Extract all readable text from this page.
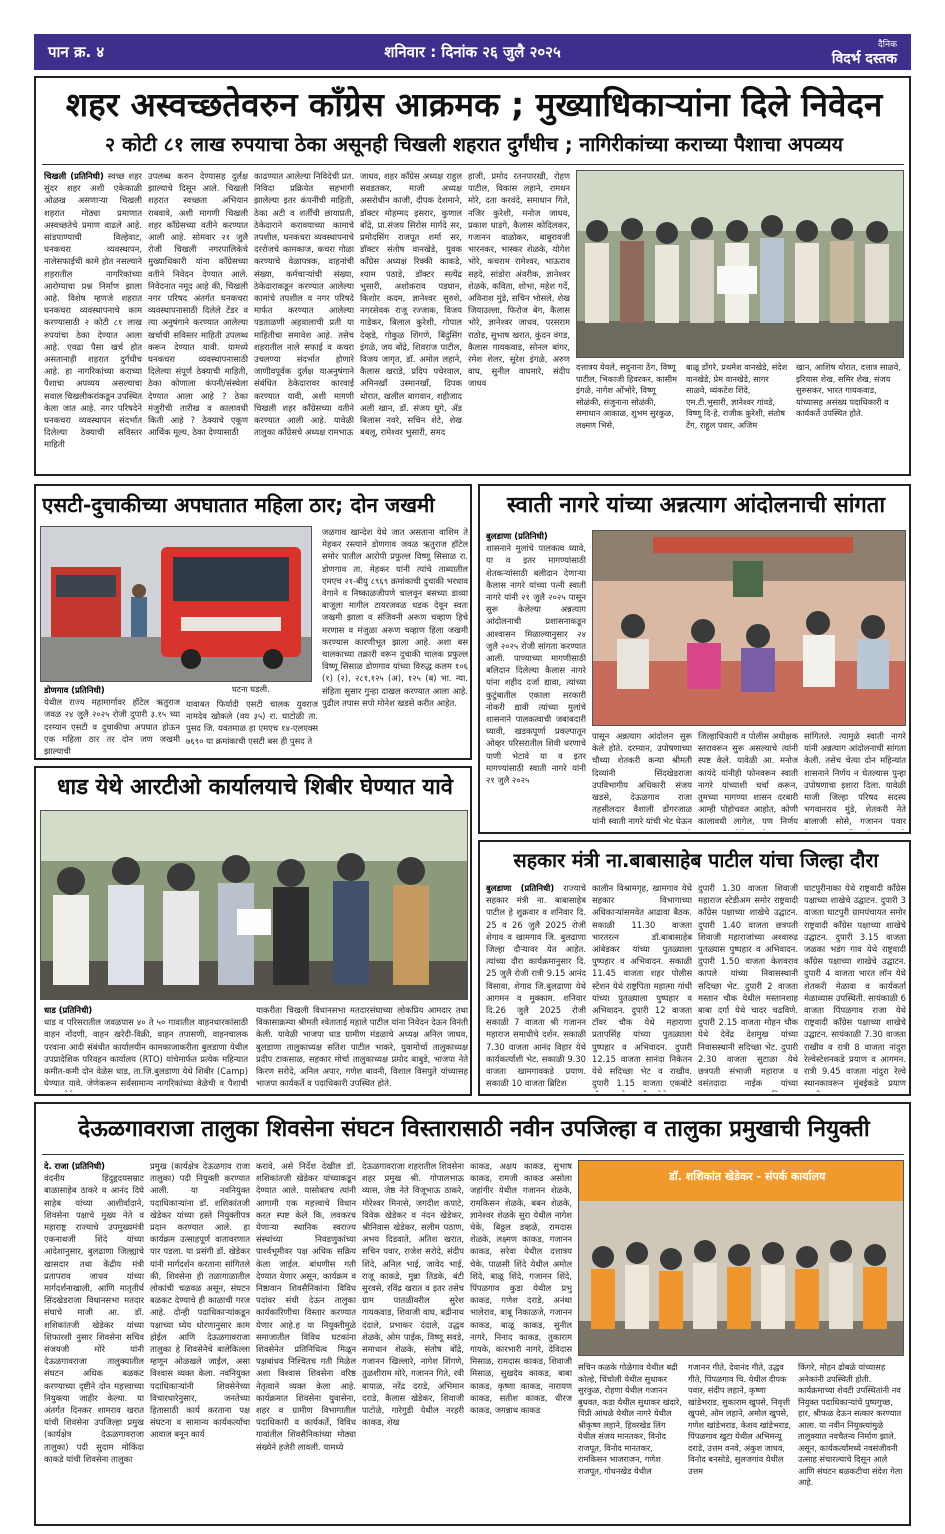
पान क्र. ४	शनिवार : दिनांक २६ जुलै २०२५	दैनिक
विदर्भ दस्तक
शहर अस्वच्छतेवरुन काँग्रेस आक्रमक ; मुख्याधिकाऱ्यांना दिले निवेदन
२ कोटी ८१ लाख रुपयाचा ठेका असूनही चिखली शहरात दुर्गंधीच ; नागिरीकांच्या कराच्या पैशाचा अपव्यय
चिखली (प्रतिनिधी) स्वच्छ शहर सुंदर शहर अशी एकेकाळी ओळख असणाऱ्या चिखली शहरात मोठ्या प्रमाणात अस्वच्छतेचे प्रमाण वाढले आहे. सांडपाण्याची विल्हेवाट, घनकचरा व्यवस्थापन, नालेसफाईची कामे होत नसल्याने शहरातील नागरिकांच्या आरोग्याचा प्रश्न निर्माण झाला आहे. विशेष म्हणजे शहरात घनकचरा व्यवस्थापनाचे काम करण्यासाठी २ कोटी ८१ लाख रुपयांचा ठेका देण्यात आला आहे. एवढा पैसा खर्च होत असतानाही शहरात दुर्गंधीच आहे. हा नागरिकांच्या कराच्या पैशाचा अपव्यय असल्याचा सवाल चिखलीकरांकडून उपस्थित केला जात आहे. नगर परिषदेने घनकचरा व्यवस्थापन संदर्भात दिलेल्या ठेक्याची सविस्तर माहिती
उपलब्ध करुन देण्यासह दुर्लक्ष झाल्याचे दिसून आले. चिखली शहरात स्वच्छता अभियान राबवावे, अशी मागणी चिखली शहर काँग्रेसच्या वतीने करण्यात आली आहे. सोमवार २१ जुलै रोजी चिखली नगरपालिकेचे मुख्याधिकारी यांना काँग्रेसच्या वतीने निवेदन देण्यात आले. निवेदनात नमूद आहे की, चिखली नगर परिषद अंतर्गत घनकचरा व्यवस्थापनासाठी दिलेले टेंडर व त्या अनुषंगाने करण्यात आलेल्या खर्चाची सविस्तर माहिती उपलब्ध करून देण्यात यावी. यामध्ये घनकचरा व्यवस्थापनासाठी दिलेल्या संपूर्ण ठेक्याची माहिती, ठेका कोणाला कंपनी/संस्थेला देण्यात आला आहे ? ठेका मंजुरीची तारीख व कालावधी किती आहे ? ठेक्याचे एकूण आर्थिक मूल्य, ठेका देण्यासाठी
काढण्यात आलेल्या निविदेची प्रत. निविदा प्रक्रियेत सहभागी झालेल्या इतर कंपनींची माहिती, ठेका अटी व शर्तींची छायाप्रती, ठेकेदाराने करावयाच्या कामाचे तपशील, घनकचरा व्यवस्थापनाचे दररोजचे कामकाज, कचरा गोळा करण्याचे वेळापत्रक, वाहनांची संख्या, कर्मचाऱ्यांची संख्या, ठेकेदाराकडून करण्यात आलेल्या कामांचे तपशील व नगर परिषदे मार्फत करण्यात आलेल्या पडताळणी अहवालाची प्रती या माहितीचा समावेश आहे. तसेच शहरातील नाले सफाई व कचरा उचलण्या संदर्भात होणारे जाणीवपूर्वक दुर्लक्ष याअनुषंगाने संबंधित ठेकेदारावर कारवाई करण्यात यावी, अशी मागणी चिखली शहर काँग्रेसच्या वतीने करण्यात आली आहे. यावेळी तालुका काँग्रेसचे अध्यक्ष रामभाऊ
जाधव, शहर काँग्रेस अध्यक्ष राहुल सवडतकर, माजी अध्यक्ष असरोधीन काजी, दीपक देशमाने, डॉक्टर मोहम्मद इसरार, कुणाल बोंद्रे, प्रा.संजय सिरोस मार्गदे सर, प्रमोदसिंग राजपूत शर्मा सर, डॉक्टर संतोष वानखेडे, युवक काँग्रेस अध्यक्ष रिक्की काकडे, श्याम पठाडे, डॉक्टर सत्येंद्र भुसारी, अशोकराव पडघान, किशोर कदम, ज्ञानेश्वर सुरुशे, नगरसेवक राजू रज्जाक, विजय गाडेकर, बिलाल कुरेशी, गोपाल देव्हडे, गोकुळ शिंगणे, बिंदुसिंग इंगळे, जय बोंद्रे, शिवराज पाटील, विजय जागृत, डॉ. अमोल लहाने, कैलास खराडे, प्रदिप पचेरवाल, अमिनखाँ उस्मानखाँ, दिपक थोरात, खलील बागवान, शहीजाद अली खान, डॉ. संजय घुगे, ॲड बिलास नवरे, सचिन शेटे, शेख बबलू, रामेश्वर भुसारी, समद
हाजी, प्रमोद रतनपारखी, रोहण पाटील, विकास लहाने, रामधन मोरे, दता करवंदे, समाधान गिते, नजिर कुरेशी, मनोज जाधव, प्रकाश धाडगे, कैलास कोदिलकर, गजानन वाळोकर, बाबुरावजी भारनकर, भास्कर शेळके, योगेश भोरे, कचराम रामेश्वर, भाऊराव सहदे, सांडोरा अंवरीक, ज्ञानेश्वर शेळके, कविता, शोभा, महेश गर्दे, अविनाश मुंडे, सचिन भोसले, शेख जियाउल्ला, फिरोज बेग, कैलास भोरे, ज्ञानेश्वर जाधव, परसराम राठोड, सुभाष खरात, कुंदन वंगड, कैलास गायकवाड, सोनल बांगर, रमेश शेलर, सुरेश इंगळे, अरुण वाघ, सुनील वाघमारे, संदीप जाधव
दत्तात्रय येवले, सदुनाना ठेंग, विष्णू पाटील, भिकाजी हिवरकर, कासीम इंगळे, नागेश ओंभोरे, विष्णू सोळंकी, संजुनाना सोळंकी, समाधान आकाळ, शुभम सुरकुळ, लक्ष्मण भिसे,
बाळू डोंगरे, प्रथमेश वानखेडे, संदेश वानखेडे, प्रेम वानखेडे, सागर साळवे, व्यंकटेश शिंदे, एम.टी.भुसारी, ज्ञानेश्वर गांवडे, विष्णू दि-हे, राजीक कुरेशी, संतोष टेंग, राहुल पवार, अजिम
खान, आशिष थोरात, दत्तात्र साळवे, इरियास शेख, समिर शेख, संजय सुरुसकर, भारत गायकवाड, यांच्यासह असंख्य पदाधिकारी व कार्यकर्ते उपस्थित होते.
एसटी-दुचाकीच्या अपघातात महिला ठार; दोन जखमी
घटना घडली.
डोणगाव (प्रतिनिधी)
येथील राज्य महामार्गावर हॉटेल ऋतुराज जवळ २४ जुलै २०२५ रोजी दुपारी ३.१५ च्या दरम्यान एसटी व दुचाकीचा अपघात होऊन एक महिला ठार तर दोन जण जखमी झाल्याची
यावाबत फिर्यादी एसटी चालक युवराज नामदेव खोकले (वय ३५) रा. घाटोळी ता. पुसद जि. यवतमाळ हा एमएच १४-एलएक्स ७६९० या क्रमांकाची एसटी बस ही पुसद ते
जळगाव खान्देश येथे जात असताना वाशिम ते मेहकर रस्त्याने डोणगाव जवळ ऋतुराज हॉटेल समोर पातील आरोपी प्रफुल्ल विष्णू सिसाळ रा. डोणगाव ता. मेहकर यांनी त्यांचे ताब्यातील एमएच २१-बीयु ८९६९ क्रमांकाची दुचाकी भरधाव वेगाने व निष्काळजीपणे चालवून बसच्या डाव्या बाजूला मागील टायरजवळ धडक देवून स्वतः जखमी झाला व संजिवनी अरूण चव्हाण हिचे मरणास व मंजुळा अरूण चव्हाण हिला जखमी करण्यास कारणीभूत झाला आहे. अशा बस चालकाच्या तक्रारी वरून दुचाकी चालक प्रफुल्ल विष्णू सिसाळ डोणगाव यांच्या विरुद्ध कलम १०६ (१) (२), २८१,१२५ (अ), १२५ (ब) भा. न्या. संहिता सुसार गुन्हा दाखल करण्यात आला आहे. पुढील तपास सपो मोनेश खडसे करीत आहेत.
स्वाती नागरे यांच्या अन्नत्याग आंदोलनाची सांगता
बुलडाणा (प्रतिनिधी)
शासनाने मुलांचे पालकत्व घ्यावे, या व इतर मागण्यांसाठी शेतकऱ्यांसाठी बलीदान देणाऱ्या कैलास नागरे यांच्या पत्नी स्वाती नागरे यांनी २१ जुलै २०२५ पासून सुरू केलेल्या अन्नत्याग आंदोलनाची प्रशासनाकडून आश्वासन मिळाल्यानुसार २४ जुलै २०२५ रोजी सांगता करण्यात आली. पाण्याच्या मागणीसाठी बलिदान दिलेल्या कैलास नागरे यांना शहीद दर्जा द्यावा, त्यांच्या कुटुंबातील एकाला सरकारी नोकरी द्यावी त्यांच्या मुलांचे शासनाने पालकत्वाची जबाबदारी घ्यावी, खडकपूर्णा प्रकल्पातून ओव्हर परिसरातील शिवी धरणाचे पाणी भेटावे या व इतर मागण्यांसाठी स्वाती नागरे यांनी २१ जुलै २०२५
पासून अन्नत्याग आंदोलन सुरू केले होते. दरम्यान, उपोषणाच्या चौथ्या शेतकरी कन्या श्रीमती दिव्यांनी सिंदखेडराजा उपविभागीय अधिकारी संजय खडसे, देऊळगाव राजा तहसीलदार वैशाली डोंगरजाळ यांनी स्वाती नागरे यांची भेट घेऊन
जिल्हाधिकारी व पोलीस अधीक्षक स्तरावरून सुरू असल्याचे त्यांनी स्पष्ट केले. यावेळी आ. मनोज कायंदे यांनीही फोनवरून स्वाती नागरे यांच्याशी चर्चा करून, तुमच्या मागण्या शासन दरबारी आम्ही पोहोचवत आहोत, कोणी कालावधी लागेल, पण निर्णय
सांगितले. त्यामुळे स्वाती नागरे यांनी अन्नत्याग आंदोलनाची सांगता केली. तसेच चेत्या दोन महिन्यांत शासनाने निर्णय न घेतल्यास पुन्हा उपोषणाचा इशारा दिला. यावेळी माजी जिल्हा परिषद सदस्य भगवानराव मुंडे, शेतकरी नेते बालाजी सोसे, गजानन पवार
धाड येथे आरटीओ कार्यालयाचे शिबीर घेण्यात यावे
धाड (प्रतिनिधी)
धाड व परिसरातील जवळपास ४० ते ५० गावातील वाहनधारकांसाठी वाहन नोंदणी, वाहन खरेदी-विक्री, वाहन तपासणी, वाहनचालक परवाना आदी संबंधीत कार्यालयीन कामकाजाकरीता बुलडाणा येथील उपप्रादेशिक परिवहन कार्यालय (RTO) यांचेमार्फत प्रत्येक महिन्यात कमीत-कमी दोन वेळेस धाड, ता.जि.बुलडाणा येथे शिबीर (Camp) घेण्यात यावे. जेणेकरून सर्वसामान्य नागरिकांच्या वेळेची व पैशाची
याकरीता चिखली विधानसभा मतदारसंघाच्या लोकप्रिय आमदार तथा विकासाक्रम्या श्रीमती श्वेताताई महाले पाटील यांना निवेदन देऊन विनंती केली. यावेळी भाजपा धाड ग्रामीण मंडळाचे अध्यक्ष अनिल जाधव, बुलडाणा तालुकाध्यक्ष सतिश पाटील भाकरे, युवामोर्चा तालुकाध्यक्ष प्रदीप टाकसाळ, सहकार मोर्चा तालुकाध्यक्ष प्रमोद बाबुडे, भाजपा नेते किरण सरोदे, अनिल अपार, गणेश बावनी, विशाल विसपुते यांच्यासह भाजपा कार्यकर्ते व पदाधिकारी उपस्थित होते.
सहकार मंत्री ना.बाबासाहेब पाटील यांचा जिल्हा दौरा
बुलडाणा (प्रतिनिधी) राज्याचे सहकार मंत्री ना. बाबासाहेब पाटील हे शुक्रवार व शनिवार दि. 25 व 26 जुलै 2025 रोजी शेगाव व खामगाव जि. बुलढाणा जिल्हा दौऱ्यावर येत आहेत. त्यांच्या दौरा कार्यक्रमानुसार दि. 25 जुलै रोजी रात्री 9.15 आनंद विसावा, शेगाव जि.बुलढाणा येथे आगमन व मुक्काम. शनिवार दि.26 जुलै 2025 रोजी सकाळी 7 वाजता श्री गजानन महाराज समाधीचे दर्शन. सकाळी 7.30 वाजता आनंद विहार येथे कार्यकर्त्यांशी भेट. सकाळी 9.30 वाजता खामगावकडे प्रयाण. सकाळी 10 वाजता ब्रिटिश
कालीन विश्रामगृह, खामगाव येथे सहकार विभागाच्या अधिकाऱ्यांसमवेत आढावा बैठक. सकाळी 11.30 वाजता भारतरत्न डॉ.बाबासाहेब आंबेडकर यांच्या पुतळ्याला पुष्पहार व अभिवादन. सकाळी 11.45 वाजता शहर पोलीस स्टेशन येथे राष्ट्रपिता महात्मा गांधी यांच्या पुतळ्याला पुष्पहार व अभिवादन. दुपारी 12 वाजता टॉवर चौक येथे महाराणा प्रतापसिंह यांच्या पुतळ्याला पुष्पहार व अभिवादन. दुपारी 12.15 वाजता सानंदा निकेतन येथे सदिच्छा भेट व राखीव. दुपारी 1.15 वाजता एकबोटे
दुपारी 1.30 वाजता शिवाजी महाराज स्टेडीअम समोर राष्ट्रवादी काँग्रेस पक्षाच्या शाखेचे उद्घाटन. दुपारी 1.40 वाजता छत्रपती शिवाजी महाराजांच्या अश्वारुढ पुतळ्यास पुष्पहार व अभिवादन. दुपारी 1.50 वाजता केशवराव कापले यांच्या निवासस्थानी सदिच्छा भेट. दुपारी 2 वाजता मस्तान चौक येथील मस्तानशाह बाबा दर्गा येथे चादर चढविणे. दुपारी 2.15 वाजता मोहन चौक येथे देवेंद्र देशमुख यांच्या निवासस्थानी सदिच्छा भेट. दुपारी 2.30 वाजता सुटाळा येथे छत्रपती संभाजी महाराज व वसंतदादा नाईक यांच्या
घाटपुरीनाका येथे राष्ट्रवादी काँग्रेस पक्षाच्या शाखेचे उद्घाटन. दुपारी 3 वाजता घाटपुरी ग्रामपंचायत समोर राष्ट्रवादी काँग्रेस पक्षाच्या शाखेचे उद्घाटन. दुपारी 3.15 वाजता जळका भडंग गाव येथे राष्ट्रवादी काँग्रेस पक्षाच्या शाखेचे उद्घाटन. दुपारी 4 वाजता भारत लॉन येथे शेतकरी मेळावा व कार्यकर्ता मेळाव्यास उपस्थिती. सायंकाळी 6 वाजता पिंपळगाव राजा येथे राष्ट्रवादी काँग्रेस पक्षाच्या शाखेचे उद्घाटन. सायंकाळी 7.30 वाजता राखीव व रात्री 8 वाजता नांदुरा रेल्वेस्टेशनकडे प्रयाण व आगमन. रात्री 9.45 वाजता नांदुरा रेल्वे स्थानकावरून मुंबईकडे प्रयाण
देऊळगावराजा तालुका शिवसेना संघटन विस्तारासाठी नवीन उपजिल्हा व तालुका प्रमुखाची नियुक्ती
दे. राजा (प्रतिनिधी)
वंदनीय हिंदुहृदयसम्राट बाळासाहेब ठाकरे व आनंद दिघे साहेब यांच्या आशीर्वादाने, शिवसेना पक्षाचे मुख्य नेते व महाराष्ट्र राज्याचे उपमुख्यमंत्री एकनाथजी शिंदे यांच्या आदेशानुसार, बुलढाणा जिल्ह्याचे खासदार तथा केंद्रीय मंत्री प्रतापराव जाधव यांच्या मार्गदर्शनाखाली, आणि मातृतीर्थ सिंदखेडराजा विधानसभा मतदार संघाचे माजी आ. डॉ. शशिकांतजी खेडेकर यांच्या शिफारशी नुसार शिवसेना सचिव संजयजी मोरे यांनी देऊळगावराजा तालुक्यातील संघटन अधिक बळकट करण्याच्या दृष्टीने दोन महत्त्वाच्या नियुक्त्या जाहीर केल्या. या अंतर्गत दिनकर शामराव खरात यांची शिवसेना उपजिल्हा प्रमुख (कार्यक्षेत्र देऊळगावराजा तालुका) पदी सुदाम मोकिंदा काकडे यांची शिवसेना तालुका
प्रमुख (कार्यक्षेत्र देऊळगाव राजा तालुका) पदी नियुक्ती करण्यात आली. या नवनियुक्त पदाधिकाऱ्यांना डॉ. शशिकांतजी खेडेकर यांच्या हस्ते नियुक्तीपत्र प्रदान करण्यात आले. हा कार्यक्रम उत्साहपूर्ण वातावरणात पार पडला. या प्रसंगी डॉ. खेडेकर यांनी मार्गदर्शन करताना सांगितले की, शिवसेना ही तळागाळातील लोकांची चळवळ असून, संघटन बळकट देण्याचे ही काळाची गरज आहे. दोन्ही पदाधिकाऱ्यांकडून पक्षाच्या ध्येय धोरणानुसार काम होईल आणि देऊळगावराजा तालुका हे शिवसेनेचे बालेकिल्ला म्हणून ओळखले जाईल, असा विश्वास व्यक्त केला. नवनियुक्त पदाधिकाऱ्यांनी शिवसेनेच्या विचारधारेनुसार, जनतेच्या हितासाठी कार्य करताना पक्ष संघटना व सामान्य कार्यकर्त्यांचा आवाज बनून कार्य
करावे, असे निर्देश देखील डॉ. शशिकांतजी खेडेकर यांच्याकडून देण्यात आले. यासोबतच त्यांनी आगामी एक महत्त्वाचे विधान करत स्पष्ट केले कि, लवकरच येणाऱ्या स्थानिक स्वराज्य संस्थांच्या निवडणुकांच्या पार्श्वभूमीवर पक्ष अधिक सक्रिय केला जाईल. बांधणीस गती देण्यात येणार असून, कार्यक्रम व निष्ठावान शिवसैनिकांना विविध पदांवर संधी देऊन तालुका कार्यकारिणीचा विस्तार करण्यात येणार आहे.ह या नियुक्तीमुळे समाजातील विविध घटकांना शिवसेनेत प्रतिनिधित्व मिळून पक्षबांधव निश्चितच गती मिळेल अशा विश्वास शिवसेना वरिष्ठ नेतृत्वाने व्यक्त केला आहे. कार्यक्रमात शिवसेना युवासेना, शहर व ग्रामीण विभागातील पदाधिकारी व कार्यकर्ते, विविध गावांतील शिवसैनिकांच्या मोठ्या संख्येने हजेरी लावली. यामध्ये
देऊळगावराजा शहरातील शिवसेना शहर प्रमुख श्री. गोपालभाऊ व्यास, जेष्ठ नेते विजूभाऊ ठाकरे, मोरेश्वर मिनासे, जगदीश कपाटे, विवेक खेडेकर व नंदन खेडेकर, श्रीनिवास खेडेकर, सलीम पठाण, अभय दिडवाते, अतिश खरात, सचिन पवार, राजेश सरोदे, संदीप शिंदे, अनिल भाई, जावेद भाई, राजू काकडे, मुन्ना तिडके, बंटी सुरवसे, रविंद्र खरात व इतर तसेच ग्राम पातळीवरील सुरेश गायकवाड, शिवाजी वाघ, बद्रीनाथ दंदाले, प्रभाकर दंदाले, उद्धव शेळके, ओम पाईक, विष्णू सवडे, समाधान शेळके, संतोष बोंद्रे, गजानन खिल्लारे, नागेश शिंगणे, तुळशीराम मोरे, गजानन गिते, रवी बायाळ, नरेंद्र दराडे, अभिमान दराडे, कैलास खेडेकर, शिवाजी पाटोळे, गारेगुडी येथील नरहरी काकड, शेख
काकड, अक्षय काकड, सुभाष काकड, रामजी काकड असोला जहांगीर येथील गजानन शेळके, रामकिसन शेळके, बबन शेळके, ज्ञानेश्वर शेळके सुरा येथील नागेश चेके, बिठ्ठल डव्हळे, रामदास शेळके, लक्ष्मण काकड, गजानन काकड, सरेवा येथील दत्तात्रय चेके, पाळसी शिंदे येथील अमोल शिंदे, बाळू शिंदे, गजानन शिंदे, पिंपळगाव कुडा येथील प्रभु काकड, गणेश दराडे, अनंथा भालेराव, बाबू निकाळजे, गजानन काकड, बाळू काकड, सुनील नागरे, निनाद काकड, तुकाराम गायके, कारभारी नागरे, देविदास मिसाळ, रामदास काकड, शिवाजी मिसाळ, सुखदेव काकड, बाबा काकड, कृष्णा काकड, नारायण काकड, सतीश काकड, धीरज काकड, जगन्नाथ काकड
डॉ. शशिकांत खेडेकर - संपर्क कार्यालय
सचिन कळके गोळेगाव येथील बद्री कोल्हे, चिंचोली येथील सुधाकर सुरकुळ, रोहणा येथील गजानन बुधवत, कडा येथील सुधाकर खंदारे, पिंप्री आंधळे येथील नागरे येथील श्रीकृष्ण लहाने, हिवरखेड लिंग येथील संजय मानतकर, विनोद राजपूत, विनोद मानतकर, रामकिसन भाजराजन, गणेश राजपूत, गोधनखेड येथील
गजानन गीते, देवानंद गीते, उद्धव गीते, पिंपळगाव चि. येथील दीपक पवार, संदीप लहाने, कृष्णा खांडेभराड, सुकाराम खुपसे, निवृत्ती खुपसे, ओम लहाने, अमोल खुपसे, गणेश खांडेभराड, केशव खांडेभराड, पिंपळगाव खुटा येथील अभिमन्यू दराडे, उत्तम वनवे, अंकुश जाधव, विनोद बनसोडे, सुलजगांव येथील उत्तम
किंगरे, मोहन ढोबळे यांच्यासह अनेकांनी उपस्थिती होती. कार्यक्रमाच्या शेवटी उपस्थितांनी नव नियुक्त पदाधिकाऱ्यांचे पुष्पगुच्छ, हार, श्रीफळ देऊन सत्कार करण्यात आला. या नवीन नियुक्त्यांमुळे तालुक्यात नवचैतन्य निर्माण झाले. असून, कार्यकर्त्यांमध्ये नवसंजीवनी उत्साह संचारल्याचे दिसून आले आणि संघटन बळकटीचा संदेश गेला आहे.
